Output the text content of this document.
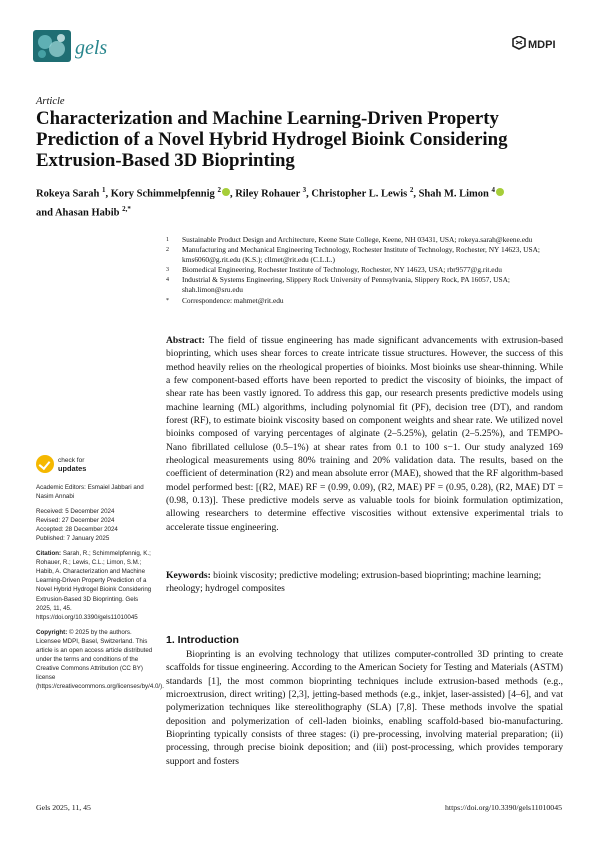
gels	MDPI
Article
Characterization and Machine Learning-Driven Property Prediction of a Novel Hybrid Hydrogel Bioink Considering Extrusion-Based 3D Bioprinting
Rokeya Sarah $^1$, Kory Schimmelpfennig $^2$ , Riley Rohauer $^3$, Christopher L. Lewis $^2$, Shah M. Limon $^4$
and Ahasan Habib $^{2,*}$
1 Sustainable Product Design and Architecture, Keene State College, Keene, NH 03431, USA; rokeya.sarah@keene.edu
2 Manufacturing and Mechanical Engineering Technology, Rochester Institute of Technology, Rochester, NY 14623, USA; kms6060@g.rit.edu (K.S.); cllmet@rit.edu (C.L.L.)
3 Biomedical Engineering, Rochester Institute of Technology, Rochester, NY 14623, USA; rbr9577@g.rit.edu
4 Industrial & Systems Engineering, Slippery Rock University of Pennsylvania, Slippery Rock, PA 16057, USA; shah.limon@sru.edu
* Correspondence: mahmet@rit.edu
Abstract: The field of tissue engineering has made significant advancements with extrusion-based bioprinting, which uses shear forces to create intricate tissue structures. However, the success of this method heavily relies on the rheological properties of bioinks. Most bioinks use shear-thinning. While a few component-based efforts have been reported to predict the viscosity of bioinks, the impact of shear rate has been vastly ignored. To address this gap, our research presents predictive models using machine learning (ML) algorithms, including polynomial fit (PF), decision tree (DT), and random forest (RF), to estimate bioink viscosity based on component weights and shear rate. We utilized novel bioinks composed of varying percentages of alginate (2–5.25%), gelatin (2–5.25%), and TEMPO-Nano fibrillated cellulose (0.5–1%) at shear rates from 0.1 to 100 s−1. Our study analyzed 169 rheological measurements using 80% training and 20% validation data. The results, based on the coefficient of determination (R2) and mean absolute error (MAE), showed that the RF algorithm-based model performed best: [(R2, MAE) RF = (0.99, 0.09), (R2, MAE) PF = (0.95, 0.28), (R2, MAE) DT = (0.98, 0.13)]. These predictive models serve as valuable tools for bioink formulation optimization, allowing researchers to determine effective viscosities without extensive experimental trials to accelerate tissue engineering.
Keywords: bioink viscosity; predictive modeling; extrusion-based bioprinting; machine learning; rheology; hydrogel composites
check for
updates
Academic Editors: Esmaiel Jabbari and Nasim Annabi
Received: 5 December 2024
Revised: 27 December 2024
Accepted: 28 December 2024
Published: 7 January 2025
Citation: Sarah, R.; Schimmelpfennig, K.; Rohauer, R.; Lewis, C.L.; Limon, S.M.; Habib, A. Characterization and Machine Learning-Driven Property Prediction of a Novel Hybrid Hydrogel Bioink Considering Extrusion-Based 3D Bioprinting. Gels 2025, 11, 45. https://doi.org/10.3390/gels11010045
Copyright: © 2025 by the authors. Licensee MDPI, Basel, Switzerland. This article is an open access article distributed under the terms and conditions of the Creative Commons Attribution (CC BY) license (https://creativecommons.org/licenses/by/4.0/).
1. Introduction

Bioprinting is an evolving technology that utilizes computer-controlled 3D printing to create scaffolds for tissue engineering. According to the American Society for Testing and Materials (ASTM) standards [1], the most common bioprinting techniques include extrusion-based methods (e.g., microextrusion, direct writing) [2,3], jetting-based methods (e.g., inkjet, laser-assisted) [4–6], and vat polymerization techniques like stereolithography (SLA) [7,8]. These methods involve the spatial deposition and polymerization of cell-laden bioinks, enabling scaffold-based bio-manufacturing. Bioprinting typically consists of three stages: (i) pre-processing, involving material preparation; (ii) processing, through precise bioink deposition; and (iii) post-processing, which provides temporary support and fosters

Gels 2025, 11, 45	https://doi.org/10.3390/gels11010045
